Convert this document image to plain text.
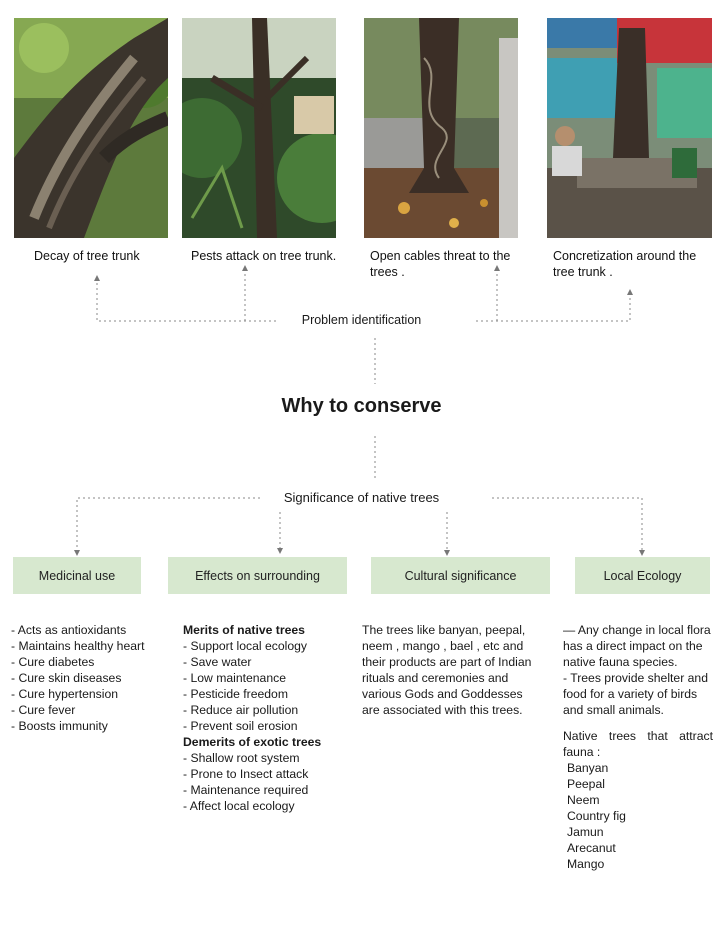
Decay of tree trunk	Pests attack on tree trunk.	Open cables threat to the trees .
Concretization around the tree trunk .
Problem identification
Why to conserve
Significance of native trees
Medicinal use	Effects on surrounding	Cultural significance	Local Ecology
- Acts as antioxidants
- Maintains healthy heart
- Cure diabetes
- Cure skin diseases
- Cure hypertension
- Cure fever
- Boosts immunity
Merits of native trees
- Support local ecology
- Save water
- Low maintenance
- Pesticide freedom
- Reduce air pollution
- Prevent soil erosion
Demerits of exotic trees
- Shallow root system
- Prone to Insect attack
- Maintenance required
- Affect local ecology
The trees like banyan, peepal, neem , mango , bael , etc and their products are part of Indian rituals and ceremonies and various Gods and Goddesses are associated with this trees.
— Any change in local flora has a direct impact on the native fauna species.
- Trees provide shelter and food for a variety of birds and small animals.
Native trees that attract fauna :
Banyan
Peepal
Neem
Country fig
Jamun
Arecanut
Mango
